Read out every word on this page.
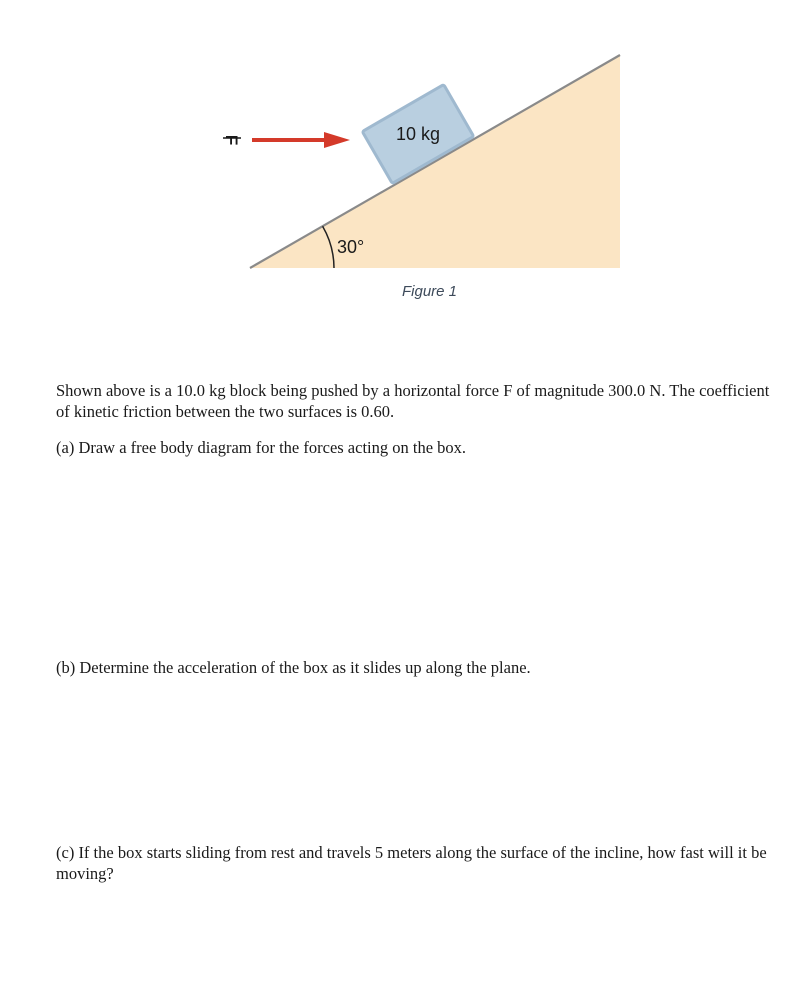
10 kg
30°
F
Figure 1

Shown above is a 10.0 kg block being pushed by a horizontal force F of magnitude 300.0 N. The coefficient of kinetic friction between the two surfaces is 0.60.

(a) Draw a free body diagram for the forces acting on the box.

(b) Determine the acceleration of the box as it slides up along the plane.

(c) If the box starts sliding from rest and travels 5 meters along the surface of the incline, how fast will it be moving?
